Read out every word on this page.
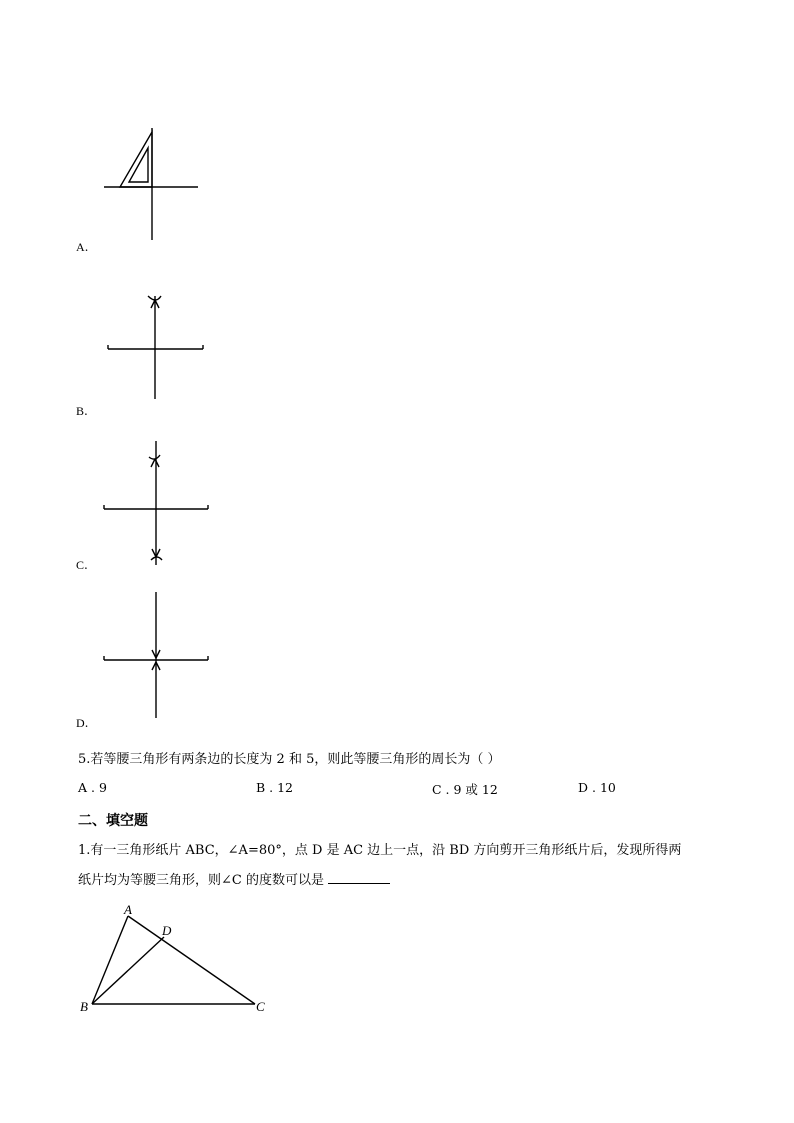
A.
B.
C.
D.
5.若等腰三角形有两条边的长度为 2 和 5，则此等腰三角形的周长为（ ）
A . 9	B . 12	C . 9 或 12	D . 10
二、填空题
1.有一三角形纸片 ABC，∠A=80°，点 D 是 AC 边上一点，沿 BD 方向剪开三角形纸片后，发现所得两
纸片均为等腰三角形，则∠C 的度数可以是
A
D
B	C
